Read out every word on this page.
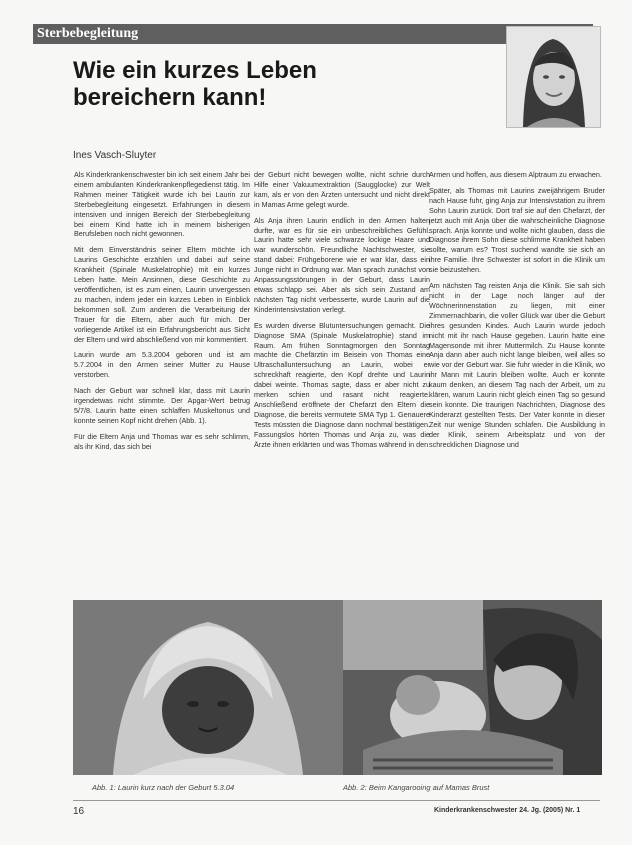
Sterbebegleitung
Wie ein kurzes Leben bereichern kann!
Ines Vasch-Sluyter

Als Kinderkrankenschwester bin ich seit einem Jahr bei einem ambulanten Kinderkrankenpflegedienst tätig. Im Rahmen meiner Tätigkeit wurde ich bei Laurin zur Sterbebegleitung eingesetzt. Erfahrungen in diesem intensiven und innigen Bereich der Sterbebegleitung bei einem Kind hatte ich in meinem bisherigen Berufsleben noch nicht gewonnen.

Mit dem Einverständnis seiner Eltern möchte ich Laurins Geschichte erzählen und dabei auf seine Krankheit (Spinale Muskelatrophie) mit ein kurzes Leben hatte. Mein Ansinnen, diese Geschichte zu veröffentlichen, ist es zum einen, Laurin unvergessen zu machen, indem jeder ein kurzes Leben in Einblick bekommen soll. Zum anderen die Verarbeitung der Trauer für die Eltern, aber auch für mich. Der vorliegende Artikel ist ein Erfahrungsbericht aus Sicht der Eltern und wird abschließend von mir kommentiert.

Laurin wurde am 5.3.2004 geboren und ist am 5.7.2004 in den Armen seiner Mutter zu Hause verstorben.

Nach der Geburt war schnell klar, dass mit Laurin irgendetwas nicht stimmte. Der Apgar-Wert betrug 5/7/8. Laurin hatte einen schlaffen Muskeltonus und konnte seinen Kopf nicht drehen (Abb. 1).

Für die Eltern Anja und Thomas war es sehr schlimm, als ihr Kind, das sich bei

der Geburt nicht bewegen wollte, nicht schrie durch Hilfe einer Vakuumextraktion (Saugglocke) zur Welt kam, als er von den Ärzten untersucht und nicht direkt in Mamas Arme gelegt wurde.

Als Anja ihren Laurin endlich in den Armen halten durfte, war es für sie ein unbeschreibliches Gefühl. Laurin hatte sehr viele schwarze lockige Haare und war wunderschön. Freundliche Nachtschwester, sie stand dabei: Frühgeborene wie er war klar, dass ein Junge nicht in Ordnung war. Man sprach zunächst von Anpassungsstörungen in der Geburt, dass Laurin etwas schlapp sei. Aber als sich sein Zustand am nächsten Tag nicht verbesserte, wurde Laurin auf die Kinderintensivstation verlegt.

Es wurden diverse Blutuntersuchungen gemacht. Die Diagnose SMA (Spinale Muskelatrophie) stand im Raum. Am frühen Sonntagmorgen den Sonntag machte die Chefärztin im Beisein von Thomas eine Ultraschalluntersuchung an Laurin, wobei er schreckhaft reagierte, den Kopf drehte und Laurin dabei weinte. Thomas sagte, dass er aber nicht zu merken schien und rasant nicht reagierte. Anschließend eröffnete der Chefarzt den Eltern die Diagnose, die bereits vermutete SMA Typ 1. Genauere Tests müssten die Diagnose dann nochmal bestätigen. Fassungslos hörten Thomas und Anja zu, was die Ärzte ihnen erklärten und was Thomas während in den

Armen und hoffen, aus diesem Alptraum zu erwachen.

Später, als Thomas mit Laurins zweijährigem Bruder nach Hause fuhr, ging Anja zur Intensivstation zu ihrem Sohn Laurin zurück. Dort traf sie auf den Chefarzt, der jetzt auch mit Anja über die wahrscheinliche Diagnose sprach. Anja konnte und wollte nicht glauben, dass die Diagnose ihrem Sohn diese schlimme Krankheit haben sollte, warum es? Trost suchend wandte sie sich an ihre Familie. Ihre Schwester ist sofort in die Klinik um sie beizustehen.

Am nächsten Tag reisten Anja die Klinik. Sie sah sich nicht in der Lage noch länger auf der Wöchnerinnenstation zu liegen, mit einer Zimmernachbarin, die voller Glück war über die Geburt ihres gesunden Kindes. Auch Laurin wurde jedoch nicht mit ihr nach Hause gegeben. Laurin hatte eine Magensonde mit ihrer Muttermilch. Zu Hause konnte Anja dann aber auch nicht lange bleiben, weil alles so wie vor der Geburt war. Sie fuhr wieder in die Klinik, wo ihr Mann mit Laurin bleiben wollte. Auch er konnte kaum denken, an diesem Tag nach der Arbeit, um zu klären, warum Laurin nicht gleich einen Tag so gesund sein konnte. Die traurigen Nachrichten, Diagnose des Kinderarzt gestellten Tests. Der Vater konnte in dieser Zeit nur wenige Stunden schlafen. Die Ausbildung in der Klinik, seinem Arbeitsplatz und von der schrecklichen Diagnose und

Abb. 1: Laurin kurz nach der Geburt 5.3.04	Abb. 2: Beim Kangarooing auf Mamas Brust
16	Kinderkrankenschwester 24. Jg. (2005) Nr. 1
